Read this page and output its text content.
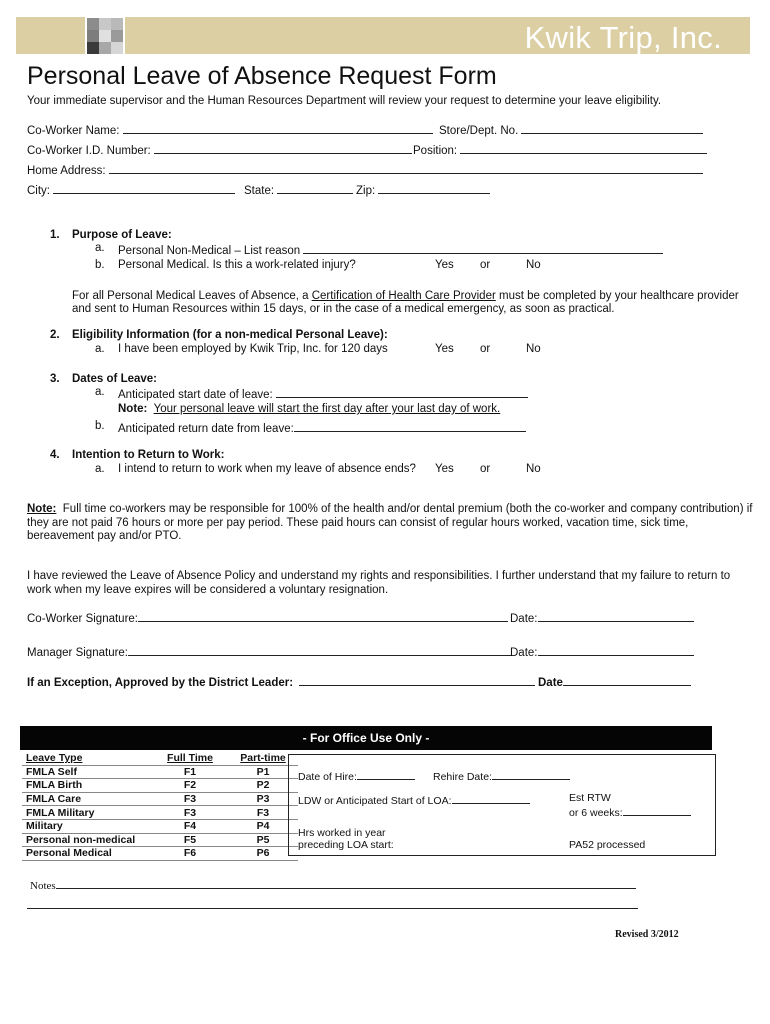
Kwik Trip, Inc.
Personal Leave of Absence Request Form
Your immediate supervisor and the Human Resources Department will review your request to determine your leave eligibility.
Co-Worker Name:	Store/Dept. No.
Co-Worker I.D. Number:	Position:
Home Address:
City:	State:	Zip:
1. Purpose of Leave:
a. Personal Non-Medical – List reason
b. Personal Medical. Is this a work-related injury?	Yes or	No
For all Personal Medical Leaves of Absence, a Certification of Health Care Provider must be completed by your healthcare provider
and sent to Human Resources within 15 days, or in the case of a medical emergency, as soon as practical.
2. Eligibility Information (for a non-medical Personal Leave):
a. I have been employed by Kwik Trip, Inc. for 120 days	Yes or	No
3. Dates of Leave:
a. Anticipated start date of leave:
Note: Your personal leave will start the first day after your last day of work.
b. Anticipated return date from leave:
4. Intention to Return to Work:
a. I intend to return to work when my leave of absence ends? Yes or	No
Note: Full time co-workers may be responsible for 100% of the health and/or dental premium (both the co-worker and company contribution) if
they are not paid 76 hours or more per pay period. These paid hours can consist of regular hours worked, vacation time, sick time,
bereavement pay and/or PTO.
I have reviewed the Leave of Absence Policy and understand my rights and responsibilities. I further understand that my failure to return to
work when my leave expires will be considered a voluntary resignation.
Co-Worker Signature:	Date:
Manager Signature:	Date:
If an Exception, Approved by the District Leader:	Date
- For Office Use Only -
Leave Type	Full Time	Part-time
FMLA Self	F1	P1
FMLA Birth	F2	P2
FMLA Care	F3	P3
FMLA Military	F3	F3
Military	F4	P4
Personal non-medical	F5	P5
Personal Medical	F6	P6
Date of Hire:	Rehire Date:
LDW or Anticipated Start of LOA:	Est RTW
or 6 weeks:
Hrs worked in year
preceding LOA start:	PA52 processed
Notes
Revised 3/2012
